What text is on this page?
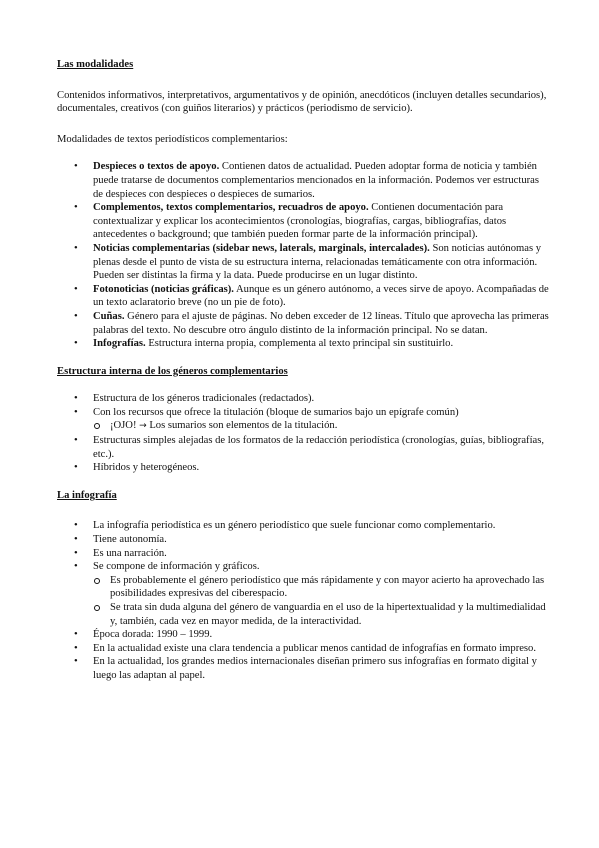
Las modalidades

Contenidos informativos, interpretativos, argumentativos y de opinión, anecdóticos (incluyen detalles secundarios), documentales, creativos (con guiños literarios) y prácticos (periodismo de servicio).

Modalidades de textos periodísticos complementarios:

• Despieces o textos de apoyo. Contienen datos de actualidad. Pueden adoptar forma de noticia y también puede tratarse de documentos complementarios mencionados en la información. Podemos ver estructuras de despieces con despieces o despieces de sumarios.
• Complementos, textos complementarios, recuadros de apoyo. Contienen documentación para contextualizar y explicar los acontecimientos (cronologías, biografías, cargas, bibliografías, datos antecedentes o background; que también pueden formar parte de la información principal).
• Noticias complementarias (sidebar news, laterals, marginals, intercalades). Son noticias autónomas y plenas desde el punto de vista de su estructura interna, relacionadas temáticamente con otra información. Pueden ser distintas la firma y la data. Puede producirse en un lugar distinto.
• Fotonoticias (noticias gráficas). Aunque es un género autónomo, a veces sirve de apoyo. Acompañadas de un texto aclaratorio breve (no un pie de foto).
• Cuñas. Género para el ajuste de páginas. No deben exceder de 12 líneas. Título que aprovecha las primeras palabras del texto. No descubre otro ángulo distinto de la información principal. No se datan.
• Infografías. Estructura interna propia, complementa al texto principal sin sustituirlo.

Estructura interna de los géneros complementarios

• Estructura de los géneros tradicionales (redactados).
• Con los recursos que ofrece la titulación (bloque de sumarios bajo un epígrafe común)
¡OJO! → Los sumarios son elementos de la titulación.
• Estructuras simples alejadas de los formatos de la redacción periodística (cronologías, guías, bibliografías, etc.).
• Híbridos y heterogéneos.

La infografía

• La infografía periodística es un género periodístico que suele funcionar como complementario.
• Tiene autonomía.
• Es una narración.
• Se compone de información y gráficos.
Es probablemente el género periodístico que más rápidamente y con mayor acierto ha aprovechado las posibilidades expresivas del ciberespacio.
Se trata sin duda alguna del género de vanguardia en el uso de la hipertextualidad y la multimedialidad y, también, cada vez en mayor medida, de la interactividad.
• Época dorada: 1990 – 1999.
• En la actualidad existe una clara tendencia a publicar menos cantidad de infografías en formato impreso.
• En la actualidad, los grandes medios internacionales diseñan primero sus infografías en formato digital y luego las adaptan al papel.
